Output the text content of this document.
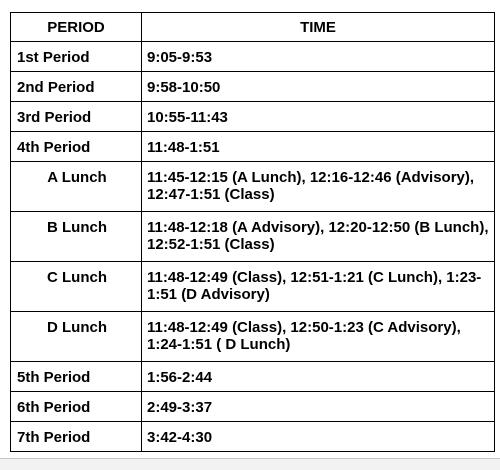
PERIOD	TIME
1st Period	9:05-9:53
2nd Period	9:58-10:50
3rd Period	10:55-11:43
4th Period	11:48-1:51
A Lunch	11:45-12:15 (A Lunch), 12:16-12:46 (Advisory), 12:47-1:51 (Class)
B Lunch	11:48-12:18 (A Advisory), 12:20-12:50 (B Lunch), 12:52-1:51 (Class)
C Lunch	11:48-12:49 (Class), 12:51-1:21 (C Lunch), 1:23-1:51 (D Advisory)
D Lunch	11:48-12:49 (Class), 12:50-1:23 (C Advisory), 1:24-1:51 ( D Lunch)
5th Period	1:56-2:44
6th Period	2:49-3:37
7th Period	3:42-4:30
